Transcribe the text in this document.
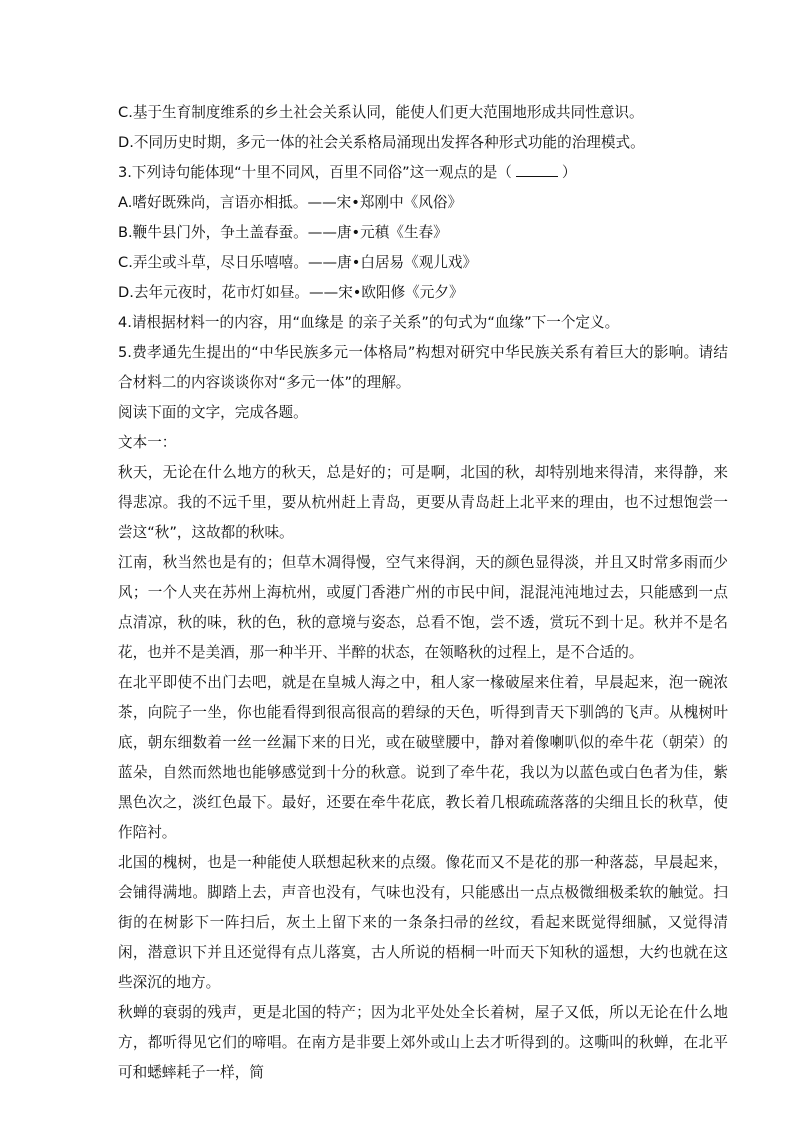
C.基于生育制度维系的乡土社会关系认同，能使人们更大范围地形成共同性意识。
D.不同历史时期，多元一体的社会关系格局涌现出发挥各种形式功能的治理模式。
3.下列诗句能体现“十里不同风，百里不同俗”这一观点的是（	）
A.嗜好既殊尚，言语亦相抵。——宋•郑刚中《风俗》
B.鞭牛县门外，争土盖春蚕。——唐•元稹《生春》
C.弄尘或斗草，尽日乐嘻嘻。——唐•白居易《观儿戏》
D.去年元夜时，花市灯如昼。——宋•欧阳修《元夕》
4.请根据材料一的内容，用“血缘是 的亲子关系”的句式为“血缘”下一个定义。
5.费孝通先生提出的“中华民族多元一体格局”构想对研究中华民族关系有着巨大的影响。请结合材料二的内容谈谈你对“多元一体”的理解。
阅读下面的文字，完成各题。
文本一：
秋天，无论在什么地方的秋天，总是好的；可是啊，北国的秋，却特别地来得清，来得静，来得悲凉。我的不远千里，要从杭州赶上青岛，更要从青岛赶上北平来的理由，也不过想饱尝一尝这“秋”，这故都的秋味。
江南，秋当然也是有的；但草木凋得慢，空气来得润，天的颜色显得淡，并且又时常多雨而少风；一个人夹在苏州上海杭州，或厦门香港广州的市民中间，混混沌沌地过去，只能感到一点点清凉，秋的味，秋的色，秋的意境与姿态，总看不饱，尝不透，赏玩不到十足。秋并不是名花，也并不是美酒，那一种半开、半醉的状态，在领略秋的过程上，是不合适的。
在北平即使不出门去吧，就是在皇城人海之中，租人家一椽破屋来住着，早晨起来，泡一碗浓茶，向院子一坐，你也能看得到很高很高的碧绿的天色，听得到青天下驯鸽的飞声。从槐树叶底，朝东细数着一丝一丝漏下来的日光，或在破壁腰中，静对着像喇叭似的牵牛花（朝荣）的蓝朵，自然而然地也能够感觉到十分的秋意。说到了牵牛花，我以为以蓝色或白色者为佳，紫黑色次之，淡红色最下。最好，还要在牵牛花底，教长着几根疏疏落落的尖细且长的秋草，使作陪衬。
北国的槐树，也是一种能使人联想起秋来的点缀。像花而又不是花的那一种落蕊，早晨起来，会铺得满地。脚踏上去，声音也没有，气味也没有，只能感出一点点极微细极柔软的触觉。扫街的在树影下一阵扫后，灰土上留下来的一条条扫帚的丝纹，看起来既觉得细腻，又觉得清闲，潜意识下并且还觉得有点儿落寞，古人所说的梧桐一叶而天下知秋的遥想，大约也就在这些深沉的地方。
秋蝉的衰弱的残声，更是北国的特产；因为北平处处全长着树，屋子又低，所以无论在什么地方，都听得见它们的啼唱。在南方是非要上郊外或山上去才听得到的。这嘶叫的秋蝉，在北平可和蟋蟀耗子一样，简
